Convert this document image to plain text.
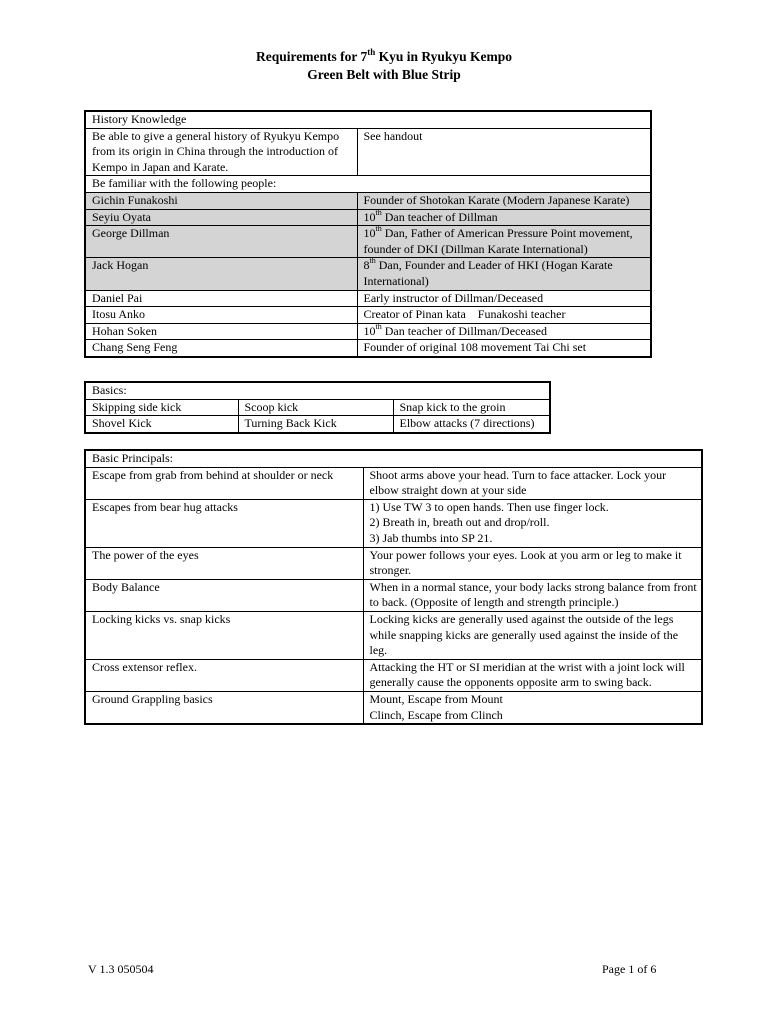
Requirements for 7th Kyu in Ryukyu Kempo
Green Belt with Blue Strip
History Knowledge	
Be able to give a general history of Ryukyu Kempo from its origin in China through the introduction of Kempo in Japan and Karate.	See handout
Be familiar with the following people:	
Gichin Funakoshi	Founder of Shotokan Karate (Modern Japanese Karate)
Seyiu Oyata	10th Dan teacher of Dillman
George Dillman	10th Dan, Father of American Pressure Point movement, founder of DKI (Dillman Karate International)
Jack Hogan	8th Dan, Founder and Leader of HKI (Hogan Karate International)
Daniel Pai	Early instructor of Dillman/Deceased
Itosu Anko	Creator of Pinan kata    Funakoshi teacher
Hohan Soken	10th Dan teacher of Dillman/Deceased
Chang Seng Feng	Founder of original 108 movement Tai Chi set
Basics:		
Skipping side kick	Scoop kick	Snap kick to the groin
Shovel Kick	Turning Back Kick	Elbow attacks (7 directions)
Basic Principals:	
Escape from grab from behind at shoulder or neck	Shoot arms above your head. Turn to face attacker. Lock your elbow straight down at your side

Escapes from bear hug attacks	1) Use TW 3 to open hands. Then use finger lock.
2) Breath in, breath out and drop/roll.
3) Jab thumbs into SP 21.

The power of the eyes	Your power follows your eyes. Look at you arm or leg to make it stronger.

Body Balance	When in a normal stance, your body lacks strong balance from front to back. (Opposite of length and strength principle.)

Locking kicks vs. snap kicks	Locking kicks are generally used against the outside of the legs while snapping kicks are generally used against the inside of the leg.

Cross extensor reflex.	Attacking the HT or SI meridian at the wrist with a joint lock will generally cause the opponents opposite arm to swing back.

Ground Grappling basics	Mount, Escape from Mount
Clinch, Escape from Clinch
V 1.3 050504	Page 1 of 6
